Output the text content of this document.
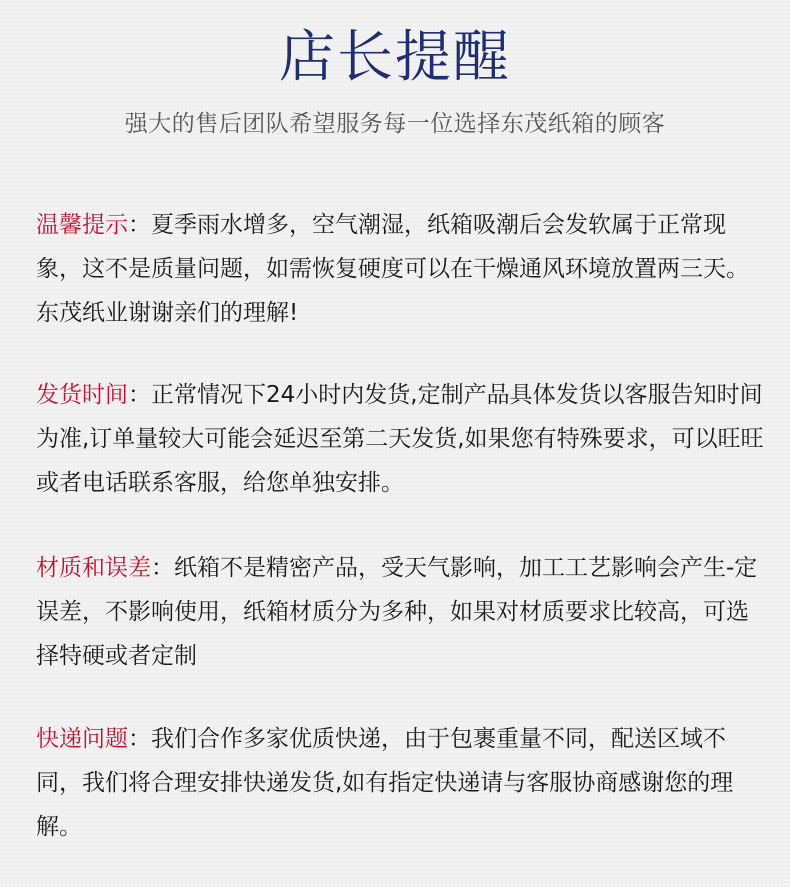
店长提醒
强大的售后团队希望服务每一位选择东茂纸箱的顾客
温馨提示：夏季雨水增多，空气潮湿，纸箱吸潮后会发软属于正常现象，这不是质量问题，如需恢复硬度可以在干燥通风环境放置两三天。东茂纸业谢谢亲们的理解!
发货时间：正常情况下24小时内发货,定制产品具体发货以客服告知时间为准,订单量较大可能会延迟至第二天发货,如果您有特殊要求，可以旺旺或者电话联系客服，给您单独安排。
材质和误差：纸箱不是精密产品，受天气影响，加工工艺影响会产生-定误差，不影响使用，纸箱材质分为多种，如果对材质要求比较高，可选择特硬或者定制
快递问题：我们合作多家优质快递，由于包裹重量不同，配送区域不同，我们将合理安排快递发货,如有指定快递请与客服协商感谢您的理解。
